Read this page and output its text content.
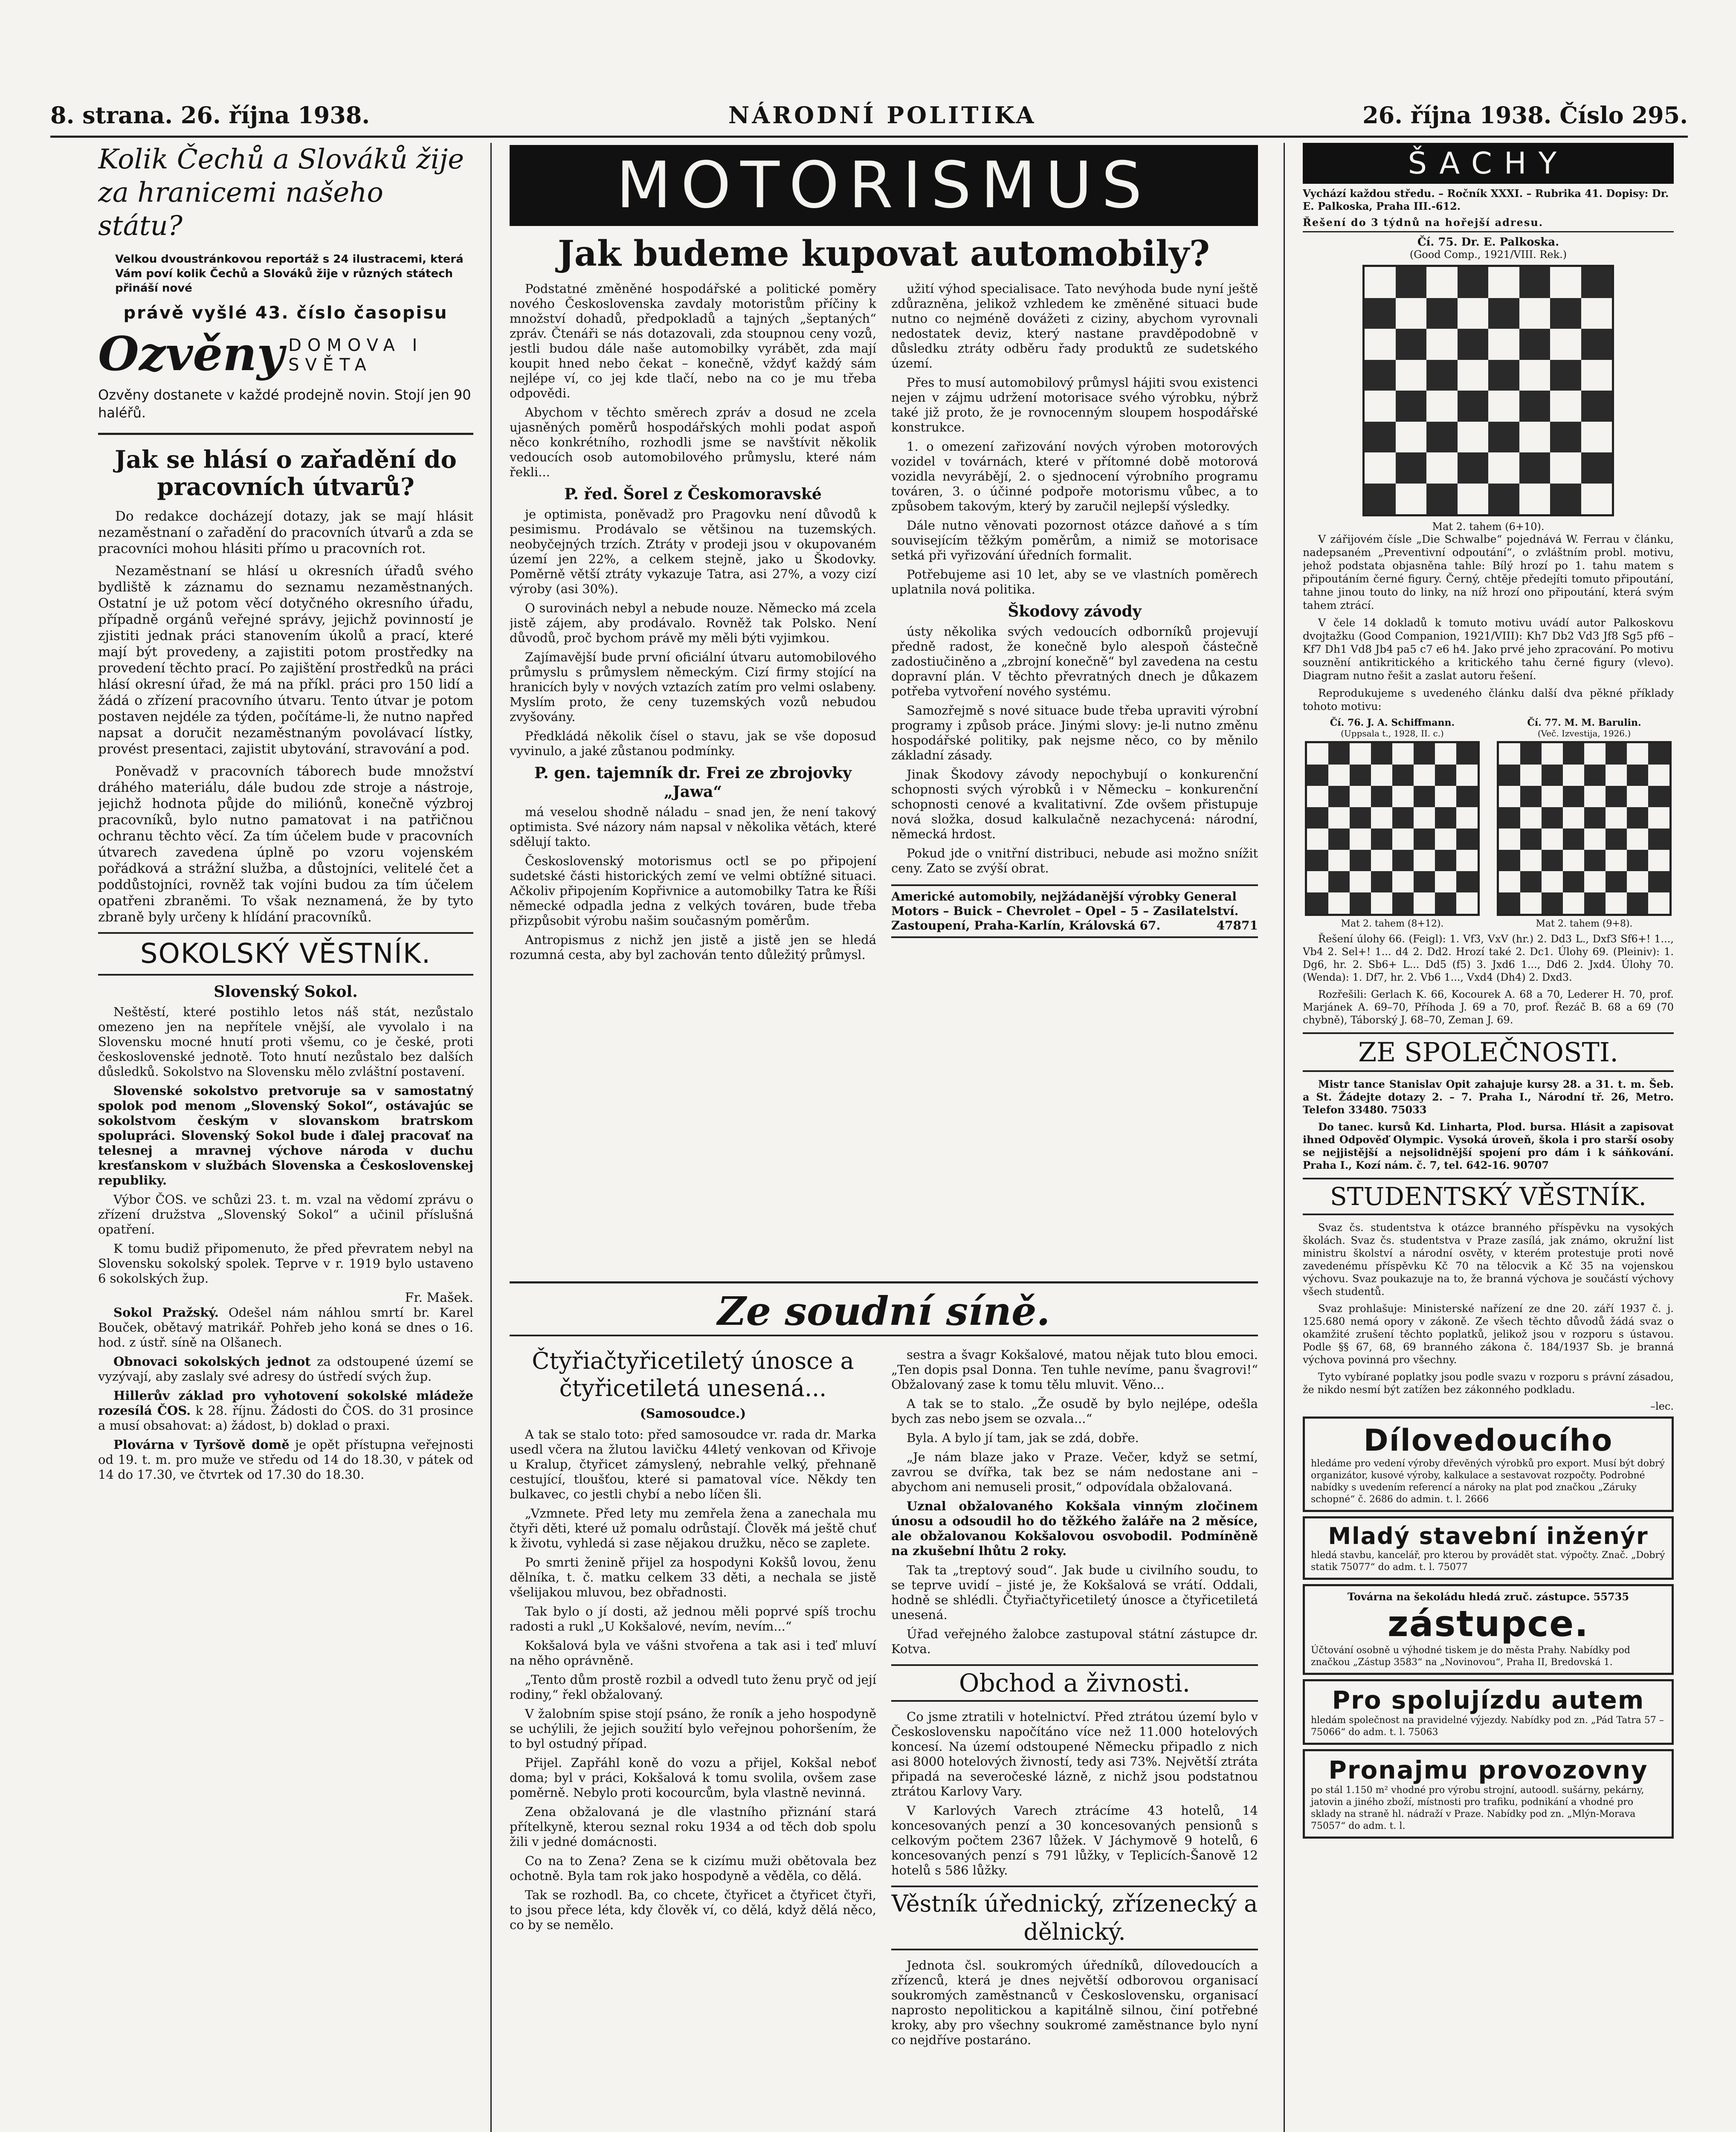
8. strana. 26. října 1938.	NÁRODNÍ POLITIKA	26. října 1938. Číslo 295.
Kolik Čechů a Slováků žije za hranicemi našeho státu?
Velkou dvoustránkovou reportáž s 24 ilustracemi, která Vám poví kolik Čechů a Slováků žije v různých státech přináší nové
právě vyšlé 43. číslo časopisu
Ozvěny DOMOVA I SVĚTA
Ozvěny dostanete v každé prodejně novin. Stojí jen 90 haléřů.
Jak se hlásí o zařadění do pracovních útvarů?

Do redakce docházejí dotazy, jak se mají hlásit nezaměstnaní o zařadění do pracovních útvarů a zda se pracovníci mohou hlásiti přímo u pracovních rot.

Nezaměstnaní se hlásí u okresních úřadů svého bydliště k záznamu do seznamu nezaměstnaných. Ostatní je už potom věcí dotyčného okresního úřadu, případně orgánů veřejné správy, jejichž povinností je zjistiti jednak práci stanovením úkolů a prací, které mají být provedeny, a zajistiti potom prostředky na provedení těchto prací. Po zajištění prostředků na práci hlásí okresní úřad, že má na příkl. práci pro 150 lidí a žádá o zřízení pracovního útvaru. Tento útvar je potom postaven nejdéle za týden, počítáme-li, že nutno napřed napsat a doručit nezaměstnaným povolávací lístky, provést presentaci, zajistit ubytování, stravování a pod.

Poněvadž v pracovních táborech bude množství dráhého materiálu, dále budou zde stroje a nástroje, jejichž hodnota půjde do miliónů, konečně výzbroj pracovníků, bylo nutno pamatovat i na patřičnou ochranu těchto věcí. Za tím účelem bude v pracovních útvarech zavedena úplně po vzoru vojenském pořádková a strážní služba, a důstojníci, velitelé čet a poddůstojníci, rovněž tak vojíni budou za tím účelem opatřeni zbraněmi. To však neznamená, že by tyto zbraně byly určeny k hlídání pracovníků.

SOKOLSKÝ VĚSTNÍK.
Slovenský Sokol.

Neštěstí, které postihlo letos náš stát, nezůstalo omezeno jen na nepřítele vnější, ale vyvolalo i na Slovensku mocné hnutí proti všemu, co je české, proti československé jednotě. Toto hnutí nezůstalo bez dalších důsledků. Sokolstvo na Slovensku mělo zvláštní postavení.

Slovenské sokolstvo pretvoruje sa v samostatný spolok pod menom „Slovenský Sokol“, ostávajúc se sokolstvom českým v slovanskom bratrskom spolupráci. Slovenský Sokol bude i ďalej pracovať na telesnej a mravnej výchove národa v duchu kresťanskom v službách Slovenska a Československej republiky.

Výbor ČOS. ve schůzi 23. t. m. vzal na vědomí zprávu o zřízení družstva „Slovenský Sokol“ a učinil příslušná opatření.

K tomu budiž připomenuto, že před převratem nebyl na Slovensku sokolský spolek. Teprve v r. 1919 bylo ustaveno 6 sokolských žup.

Fr. Mašek.

Sokol Pražský. Odešel nám náhlou smrtí br. Karel Bouček, obětavý matrikář. Pohřeb jeho koná se dnes o 16. hod. z ústř. síně na Olšanech.

Obnovaci sokolských jednot za odstoupené území se vyzývají, aby zaslaly své adresy do ústředí svých žup.

Hillerův základ pro vyhotovení sokolské mládeže rozesílá ČOS. k 28. říjnu. Žádosti do ČOS. do 31 prosince a musí obsahovat: a) žádost, b) doklad o praxi.

Plovárna v Tyršově domě je opět přístupna veřejnosti od 19. t. m. pro muže ve středu od 14 do 18.30, v pátek od 14 do 17.30, ve čtvrtek od 17.30 do 18.30.

MOTORISMUS
Jak budeme kupovat automobily?

Podstatné změněné hospodářské a politické poměry nového Československa zavdaly motoristům příčiny k množství dohadů, předpokladů a tajných „šeptaných“ zpráv. Čtenáři se nás dotazovali, zda stoupnou ceny vozů, jestli budou dále naše automobilky vyrábět, zda mají koupit hned nebo čekat – konečně, vždyť každý sám nejlépe ví, co jej kde tlačí, nebo na co je mu třeba odpovědi.

Abychom v těchto směrech zpráv a dosud ne zcela ujasněných poměrů hospodářských mohli podat aspoň něco konkrétního, rozhodli jsme se navštívit několik vedoucích osob automobilového průmyslu, které nám řekli...

P. řed. Šorel z Českomoravské

je optimista, poněvadž pro Pragovku není důvodů k pesimismu. Prodávalo se většinou na tuzemských. neobyčejných trzích. Ztráty v prodeji jsou v okupovaném území jen 22%, a celkem stejně, jako u Škodovky. Poměrně větší ztráty vykazuje Tatra, asi 27%, a vozy cizí výroby (asi 30%).

O surovinách nebyl a nebude nouze. Německo má zcela jistě zájem, aby prodávalo. Rovněž tak Polsko. Není důvodů, proč bychom právě my měli býti vyjimkou.

Zajímavější bude první oficiální útvaru automobilového průmyslu s průmyslem německým. Cizí firmy stojící na hranicích byly v nových vztazích zatím pro velmi oslabeny. Myslím proto, že ceny tuzemských vozů nebudou zvyšovány.

Předkládá několik čísel o stavu, jak se vše doposud vyvinulo, a jaké zůstanou podmínky.

P. gen. tajemník dr. Frei ze zbrojovky „Jawa“

má veselou shodně náladu – snad jen, že není takový optimista. Své názory nám napsal v několika větách, které sdělují takto.

Československý motorismus octl se po připojení sudetské části historických zemí ve velmi obtížné situaci. Ačkoliv připojením Kopřivnice a automobilky Tatra ke Říši německé odpadla jedna z velkých továren, bude třeba přizpůsobit výrobu našim současným poměrům.

Antropismus z nichž jen jistě a jistě jen se hledá rozumná cesta, aby byl zachován tento důležitý průmysl.

užití výhod specialisace. Tato nevýhoda bude nyní ještě zdůrazněna, jelikož vzhledem ke změněné situaci bude nutno co nejméně dovážeti z ciziny, abychom vyrovnali nedostatek deviz, který nastane pravděpodobně v důsledku ztráty odběru řady produktů ze sudetského území.

Přes to musí automobilový průmysl hájiti svou existenci nejen v zájmu udržení motorisace svého výrobku, nýbrž také již proto, že je rovnocenným sloupem hospodářské konstrukce.

1. o omezení zařizování nových výroben motorových vozidel v továrnách, které v přítomné době motorová vozidla nevyrábějí, 2. o sjednocení výrobního programu továren, 3. o účinné podpoře motorismu vůbec, a to způsobem takovým, který by zaručil nejlepší výsledky.

Dále nutno věnovati pozornost otázce daňové a s tím souvisejícím těžkým poměrům, a nimiž se motorisace setká při vyřizování úředních formalit.

Potřebujeme asi 10 let, aby se ve vlastních poměrech uplatnila nová politika.

Škodovy závody

ústy několika svých vedoucích odborníků projevují předně radost, že konečně bylo alespoň částečně zadostiučiněno a „zbrojní konečně“ byl zavedena na cestu dopravní plán. V těchto převratných dnech je důkazem potřeba vytvoření nového systému.

Samozřejmě s nové situace bude třeba upraviti výrobní programy i způsob práce. Jinými slovy: je-li nutno změnu hospodářské politiky, pak nejsme něco, co by měnilo základní zásady.

Jinak Škodovy závody nepochybují o konkurenční schopnosti svých výrobků i v Německu – konkurenční schopnosti cenové a kvalitativní. Zde ovšem přistupuje nová složka, dosud kalkulačně nezachycená: národní, německá hrdost.

Pokud jde o vnitřní distribuci, nebude asi možno snížit ceny. Zato se zvýší obrat.

Americké automobily, nejžádanější výrobky General Motors – Buick – Chevrolet – Opel – 5 – Zasilatelství. Zastoupení, Praha-Karlín, Královská 67.	47871
Ze soudní síně.
Čtyřiačtyřicetiletý únosce a čtyřicetiletá unesená...
(Samosoudce.)

A tak se stalo toto: před samosoudce vr. rada dr. Marka usedl včera na žlutou lavičku 44letý venkovan od Křivoje u Kralup, čtyřicet zámyslený, nebrahle velký, přehnaně cestující, tloušťou, které si pamatoval více. Někdy ten bulkavec, co jestli chybí a nebo líčen šli.

„Vzmnete. Před lety mu zemřela žena a zanechala mu čtyři děti, které už pomalu odrůstají. Člověk má ještě chuť k životu, vyhledá si zase nějakou družku, něco se zaplete.

Po smrti ženině přijel za hospodyni Kokšů lovou, ženu dělníka, t. č. matku celkem 33 děti, a nechala se jistě všelijakou mluvou, bez obřadnosti.

Tak bylo o jí dosti, až jednou měli poprvé spíš trochu radosti a rukl „U Kokšalové, nevím, nevím...“

Kokšalová byla ve vášni stvořena a tak asi i teď mluví na něho oprávněně.

„Tento dům prostě rozbil a odvedl tuto ženu pryč od její rodiny,“ řekl obžalovaný.

V žalobním spise stojí psáno, že roník a jeho hospodyně se uchýlili, že jejich soužití bylo veřejnou pohoršením, že to byl ostudný případ.

Přijel. Zapřáhl koně do vozu a přijel, Kokšal neboť doma; byl v práci, Kokšalová k tomu svolila, ovšem zase poměrně. Nebylo proti kocourcům, byla vlastně nevinná.

Zena obžalovaná je dle vlastního přiznání stará přítelkyně, kterou seznal roku 1934 a od těch dob spolu žili v jedné domácnosti.

Co na to Zena? Zena se k cizímu muži obětovala bez ochotně. Byla tam rok jako hospodyně a věděla, co dělá.

Tak se rozhodl. Ba, co chcete, čtyřicet a čtyřicet čtyři, to jsou přece léta, kdy člověk ví, co dělá, když dělá něco, co by se nemělo.

sestra a švagr Kokšalové, matou nějak tuto blou emoci. „Ten dopis psal Donna. Ten tuhle nevíme, panu švagrovi!“ Obžalovaný zase k tomu tělu mluvit. Věno...

A tak se to stalo. „Že osudě by bylo nejlépe, odešla bych zas nebo jsem se ozvala...“

Byla. A bylo jí tam, jak se zdá, dobře.

„Je nám blaze jako v Praze. Večer, když se setmí, zavrou se dvířka, tak bez se nám nedostane ani – abychom ani nemuseli prosit,“ odpovídala obžalovaná.

Uznal obžalovaného Kokšala vinným zločinem únosu a odsoudil ho do těžkého žaláře na 2 měsíce, ale obžalovanou Kokšalovou osvobodil. Podmíněně na zkušební lhůtu 2 roky.

Tak ta „treptový soud“. Jak bude u civilního soudu, to se teprve uvidí – jisté je, že Kokšalová se vrátí. Oddali, hodně se shlédli. Čtyřiačtyřicetiletý únosce a čtyřicetiletá unesená.

Úřad veřejného žalobce zastupoval státní zástupce dr. Kotva.

Obchod a živnosti.

Co jsme ztratili v hotelnictví. Před ztrátou území bylo v Československu napočítáno více než 11.000 hotelových koncesí. Na území odstoupené Německu připadlo z nich asi 8000 hotelových živností, tedy asi 73%. Největší ztráta připadá na severočeské lázně, z nichž jsou podstatnou ztrátou Karlovy Vary.

V Karlových Varech ztrácíme 43 hotelů, 14 koncesovaných penzí a 30 koncesovaných pensionů s celkovým počtem 2367 lůžek. V Jáchymově 9 hotelů, 6 koncesovaných penzí s 791 lůžky, v Teplicích-Šanově 12 hotelů s 586 lůžky.

Věstník úřednický, zřízenecký a dělnický.

Jednota čsl. soukromých úředníků, dílovedoucích a zřízenců, která je dnes největší odborovou organisací soukromých zaměstnanců v Československu, organisací naprosto nepolitickou a kapitálně silnou, činí potřebné kroky, aby pro všechny soukromé zaměstnance bylo nyní co nejdříve postaráno.

ŠACHY
Vychází každou středu. – Ročník XXXI. – Rubrika 41. Dopisy: Dr. E. Palkoska, Praha III.-612.
Řešení do 3 týdnů na hořejší adresu.
Čí. 75. Dr. E. Palkoska.
(Good Comp., 1921/VIII. Rek.)
Mat 2. tahem (6+10).

V zářijovém čísle „Die Schwalbe“ pojednává W. Ferrau v článku, nadepsaném „Preventivní odpoutání“, o zvláštním probl. motivu, jehož podstata objasněna tahle: Bílý hrozí po 1. tahu matem s připoutáním černé figury. Černý, chtěje předejíti tomuto připoutání, tahne jinou touto do linky, na níž hrozí ono připoutání, která svým tahem ztrácí.

V čele 14 dokladů k tomuto motivu uvádí autor Palkoskovu dvojtažku (Good Companion, 1921/VIII): Kh7 Db2 Vd3 Jf8 Sg5 pf6 – Kf7 Dh1 Vd8 Jb4 pa5 c7 e6 h4. Jako prvé jeho zpracování. Po motivu souznění antikritického a kritického tahu černé figury (vlevo). Diagram nutno řešit a zaslat autoru řešení.

Reprodukujeme s uvedeného článku další dva pěkné příklady tohoto motivu:

Čí. 76. J. A. Schiffmann.
(Uppsala t., 1928, II. c.)
Mat 2. tahem (8+12).
Čí. 77. M. M. Barulin.
(Več. Izvestija, 1926.)
Mat 2. tahem (9+8).

Řešení úlohy 66. (Feigl): 1. Vf3, VxV (hr.) 2. Dd3 L., Dxf3 Sf6+! 1..., Vb4 2. Sel+! 1... d4 2. Dd2. Hrozí také 2. Dc1. Úlohy 69. (Pleiniv): 1. Dg6, hr. 2. Sb6+ L... Dd5 (f5) 3. Jxd6 1..., Dd6 2. Jxd4. Úlohy 70. (Wenda): 1. Df7, hr. 2. Vb6 1..., Vxd4 (Dh4) 2. Dxd3.

Rozřešili: Gerlach K. 66, Kocourek A. 68 a 70, Lederer H. 70, prof. Marjánek A. 69–70, Příhoda J. 69 a 70, prof. Řezáč B. 68 a 69 (70 chybně), Táborský J. 68–70, Zeman J. 69.

ZE SPOLEČNOSTI.

Mistr tance Stanislav Opit zahajuje kursy 28. a 31. t. m. Šeb. a St. Žádejte dotazy 2. – 7. Praha I., Národní tř. 26, Metro. Telefon 33480. 75033

Do tanec. kursů Kd. Linharta, Plod. bursa. Hlásit a zapisovat ihned Odpověď Olympic. Vysoká úroveň, škola i pro starší osoby se nejjistější a nejsolidnější spojení pro dám i k sáňkování. Praha I., Kozí nám. č. 7, tel. 642-16. 90707

STUDENTSKÝ VĚSTNÍK.

Svaz čs. studentstva k otázce branného příspěvku na vysokých školách. Svaz čs. studentstva v Praze zasílá, jak známo, okružní list ministru školství a národní osvěty, v kterém protestuje proti nově zavedenému příspěvku Kč 70 na tělocvik a Kč 35 na vojenskou výchovu. Svaz poukazuje na to, že branná výchova je součástí výchovy všech studentů.

Svaz prohlašuje: Ministerské nařízení ze dne 20. září 1937 č. j. 125.680 nemá opory v zákoně. Ze všech těchto důvodů žádá svaz o okamžité zrušení těchto poplatků, jelikož jsou v rozporu s ústavou. Podle §§ 67, 68, 69 branného zákona č. 184/1937 Sb. je branná výchova povinná pro všechny.

Tyto vybírané poplatky jsou podle svazu v rozporu s právní zásadou, že nikdo nesmí být zatížen bez zákonného podkladu.

–lec.
Dílovedoucího
hledáme pro vedení výroby dřevěných výrobků pro export. Musí být dobrý organizátor, kusové výroby, kalkulace a sestavovat rozpočty. Podrobné nabídky s uvedením referencí a nároky na plat pod značkou „Záruky schopné“ č. 2686 do admin. t. l. 2666
Mladý stavební inženýr
hledá stavbu, kancelář, pro kterou by provádět stat. výpočty. Znač. „Dobrý statik 75077“ do adm. t. l. 75077
Továrna na šekoládu hledá zruč. zástupce. 55735
zástupce.
Účtování osobně u výhodné tiskem je do města Prahy. Nabídky pod značkou „Zástup 3583“ na „Novinovou“, Praha II, Bredovská 1.
Pro spolujízdu autem
hledám společnost na pravidelné výjezdy. Nabídky pod zn. „Pád Tatra 57 – 75066“ do adm. t. l. 75063
Pronajmu provozovny
po stál 1.150 m² vhodné pro výrobu strojní, autoodl. sušárny, pekárny, jatovin a jiného zboží, místnosti pro trafiku, podnikání a vhodné pro sklady na straně hl. nádraží v Praze. Nabídky pod zn. „Mlýn-Morava 75057“ do adm. t. l.
